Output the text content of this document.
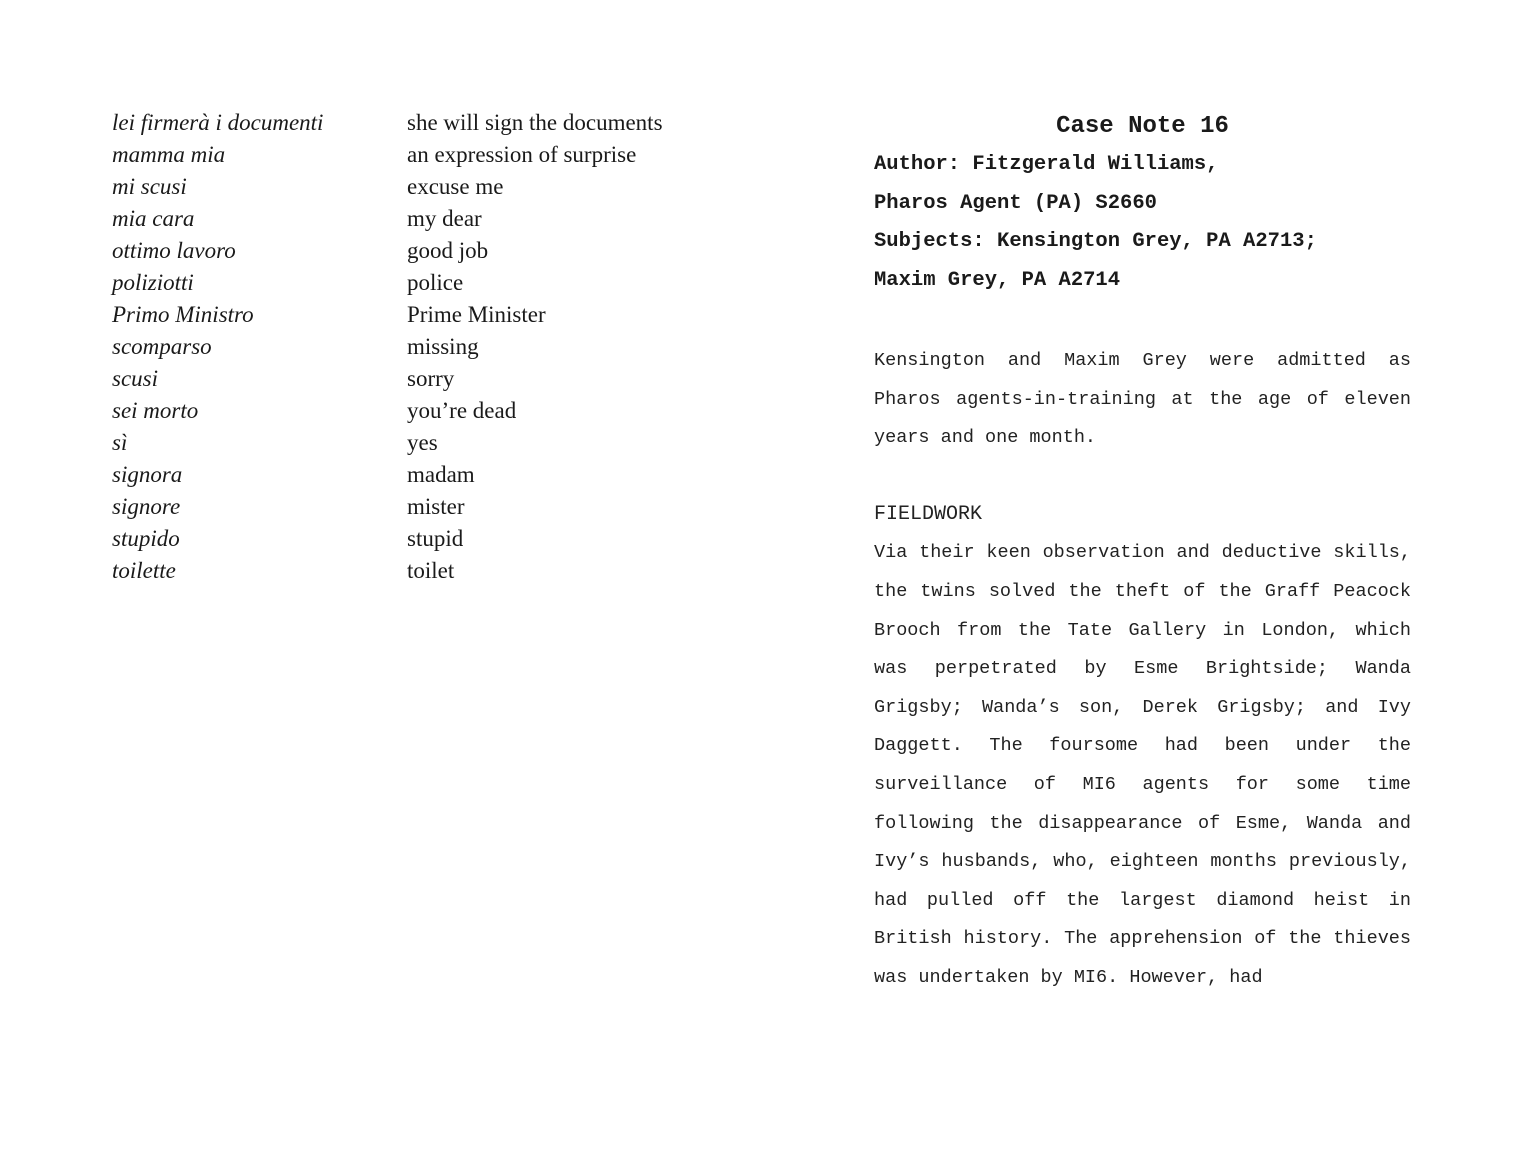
lei firmerà i documenti	she will sign the documents
mamma mia	an expression of surprise
mi scusi	excuse me
mia cara	my dear
ottimo lavoro	good job
poliziotti	police
Primo Ministro	Prime Minister
scomparso	missing
scusi	sorry
sei morto	you’re dead
sì	yes
signora	madam
signore	mister
stupido	stupid
toilette	toilet

Case Note 16

Author: Fitzgerald Williams,

Pharos Agent (PA) S2660

Subjects: Kensington Grey, PA A2713;

Maxim Grey, PA A2714

Kensington and Maxim Grey were admitted as Pharos agents-in-training at the age of eleven years and one month.

FIELDWORK

Via their keen observation and deductive skills, the twins solved the theft of the Graff Peacock Brooch from the Tate Gallery in London, which was perpetrated by Esme Brightside; Wanda Grigsby; Wanda’s son, Derek Grigsby; and Ivy Daggett. The foursome had been under the surveillance of MI6 agents for some time following the disappearance of Esme, Wanda and Ivy’s husbands, who, eighteen months previously, had pulled off the largest diamond heist in British history. The apprehension of the thieves was undertaken by MI6. However, had
